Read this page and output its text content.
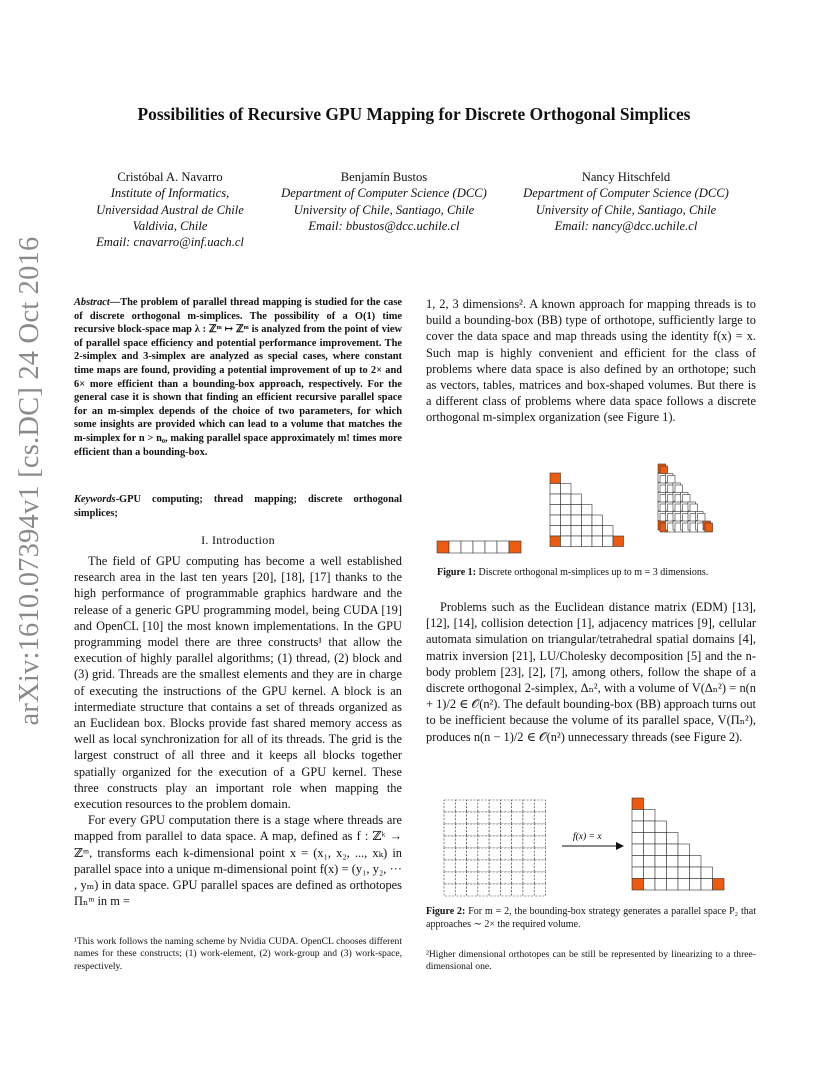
arXiv:1610.07394v1 [cs.DC] 24 Oct 2016
Possibilities of Recursive GPU Mapping for Discrete Orthogonal Simplices
Cristóbal A. Navarro
Institute of Informatics,
Universidad Austral de Chile
Valdivia, Chile
Email: cnavarro@inf.uach.cl
Benjamín Bustos
Department of Computer Science (DCC)
University of Chile, Santiago, Chile
Email: bbustos@dcc.uchile.cl
Nancy Hitschfeld
Department of Computer Science (DCC)
University of Chile, Santiago, Chile
Email: nancy@dcc.uchile.cl
Abstract—The problem of parallel thread mapping is studied for the case of discrete orthogonal m-simplices. The possibility of a O(1) time recursive block-space map λ : ℤᵐ ↦ ℤᵐ is analyzed from the point of view of parallel space efficiency and potential performance improvement. The 2-simplex and 3-simplex are analyzed as special cases, where constant time maps are found, providing a potential improvement of up to 2× and 6× more efficient than a bounding-box approach, respectively. For the general case it is shown that finding an efficient recursive parallel space for an m-simplex depends of the choice of two parameters, for which some insights are provided which can lead to a volume that matches the m-simplex for n > n₀, making parallel space approximately m! times more efficient than a bounding-box.
Keywords-GPU computing; thread mapping; discrete orthogonal simplices;
I. Introduction

The field of GPU computing has become a well established research area in the last ten years [20], [18], [17] thanks to the high performance of programmable graphics hardware and the release of a generic GPU programming model, being CUDA [19] and OpenCL [10] the most known implementations. In the GPU programming model there are three constructs¹ that allow the execution of highly parallel algorithms; (1) thread, (2) block and (3) grid. Threads are the smallest elements and they are in charge of executing the instructions of the GPU kernel. A block is an intermediate structure that contains a set of threads organized as an Euclidean box. Blocks provide fast shared memory access as well as local synchronization for all of its threads. The grid is the largest construct of all three and it keeps all blocks together spatially organized for the execution of a GPU kernel. These three constructs play an important role when mapping the execution resources to the problem domain.

For every GPU computation there is a stage where threads are mapped from parallel to data space. A map, defined as f : ℤᵏ → ℤᵐ, transforms each k-dimensional point x = (x₁, x₂, ..., xₖ) in parallel space into a unique m-dimensional point f(x) = (y₁, y₂, ··· , yₘ) in data space. GPU parallel spaces are defined as orthotopes Πₙᵐ in m =

¹This work follows the naming scheme by Nvidia CUDA. OpenCL chooses different names for these constructs; (1) work-element, (2) work-group and (3) work-space, respectively.

1, 2, 3 dimensions². A known approach for mapping threads is to build a bounding-box (BB) type of orthotope, sufficiently large to cover the data space and map threads using the identity f(x) = x. Such map is highly convenient and efficient for the class of problems where data space is also defined by an orthotope; such as vectors, tables, matrices and box-shaped volumes. But there is a different class of problems where data space follows a discrete orthogonal m-simplex organization (see Figure 1).

Figure 1: Discrete orthogonal m-simplices up to m = 3 dimensions.

Problems such as the Euclidean distance matrix (EDM) [13], [12], [14], collision detection [1], adjacency matrices [9], cellular automata simulation on triangular/tetrahedral spatial domains [4], matrix inversion [21], LU/Cholesky decomposition [5] and the n-body problem [23], [2], [7], among others, follow the shape of a discrete orthogonal 2-simplex, Δₙ², with a volume of V(Δₙ²) = n(n + 1)/2 ∈ 𝒪(n²). The default bounding-box (BB) approach turns out to be inefficient because the volume of its parallel space, V(Πₙ²), produces n(n − 1)/2 ∈ 𝒪(n²) unnecessary threads (see Figure 2).

f(x) = x
Figure 2: For m = 2, the bounding-box strategy generates a parallel space P₂ that approaches ∼ 2× the required volume.
²Higher dimensional orthotopes can be still be represented by linearizing to a three-dimensional one.
